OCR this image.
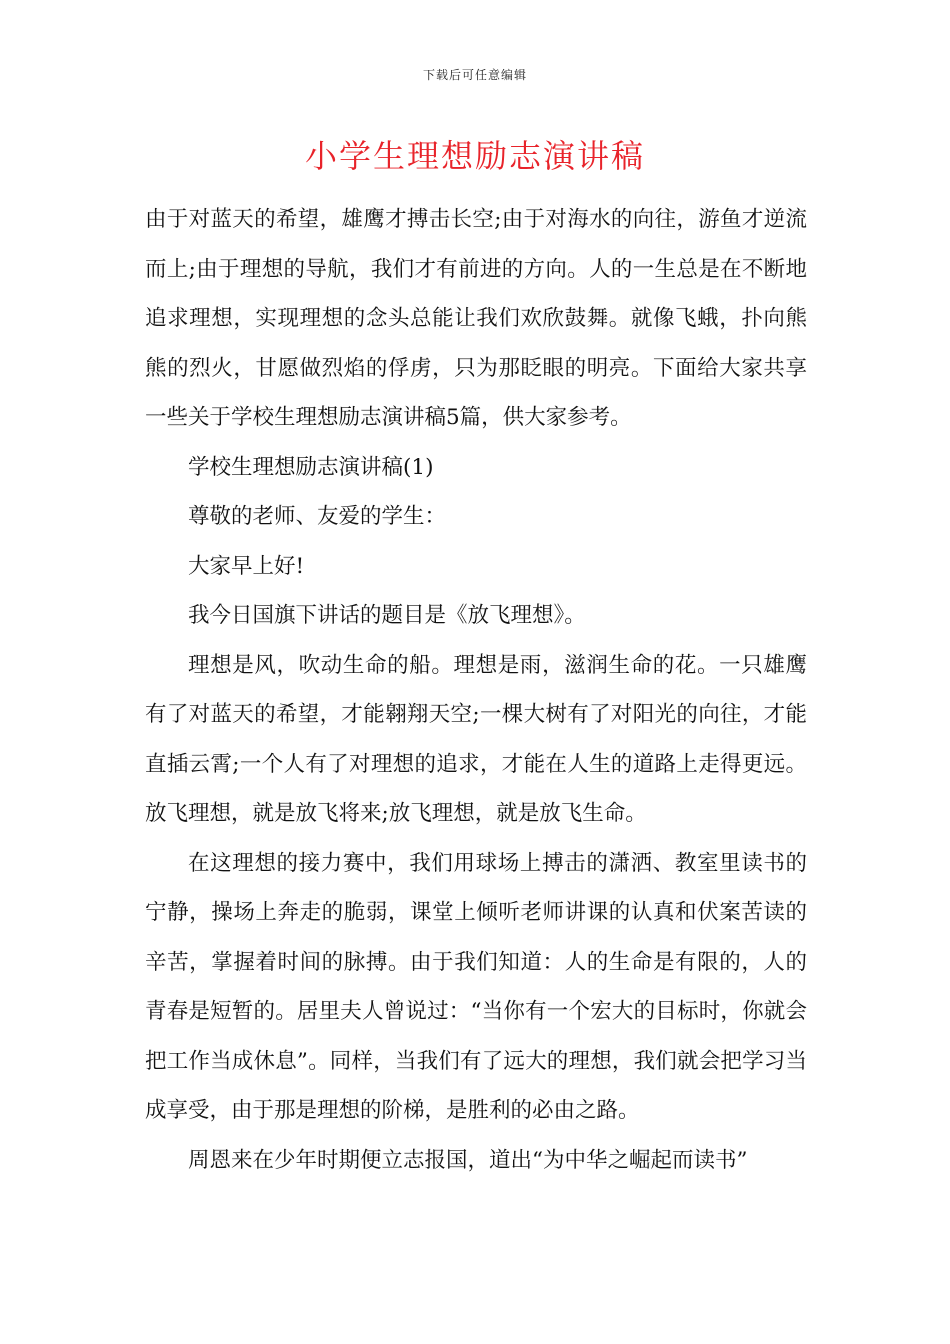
下载后可任意编辑
小学生理想励志演讲稿

由于对蓝天的希望，雄鹰才搏击长空;由于对海水的向往，游鱼才逆流而上;由于理想的导航，我们才有前进的方向。人的一生总是在不断地追求理想，实现理想的念头总能让我们欢欣鼓舞。就像飞蛾，扑向熊熊的烈火，甘愿做烈焰的俘虏，只为那眨眼的明亮。下面给大家共享一些关于学校生理想励志演讲稿5篇，供大家参考。

学校生理想励志演讲稿(1)

尊敬的老师、友爱的学生：

大家早上好!

我今日国旗下讲话的题目是《放飞理想》。

理想是风，吹动生命的船。理想是雨，滋润生命的花。一只雄鹰有了对蓝天的希望，才能翱翔天空;一棵大树有了对阳光的向往，才能直插云霄;一个人有了对理想的追求，才能在人生的道路上走得更远。放飞理想，就是放飞将来;放飞理想，就是放飞生命。

在这理想的接力赛中，我们用球场上搏击的潇洒、教室里读书的宁静，操场上奔走的脆弱，课堂上倾听老师讲课的认真和伏案苦读的辛苦，掌握着时间的脉搏。由于我们知道：人的生命是有限的，人的青春是短暂的。居里夫人曾说过：“当你有一个宏大的目标时，你就会把工作当成休息”。同样，当我们有了远大的理想，我们就会把学习当成享受，由于那是理想的阶梯，是胜利的必由之路。

周恩来在少年时期便立志报国，道出“为中华之崛起而读书”
